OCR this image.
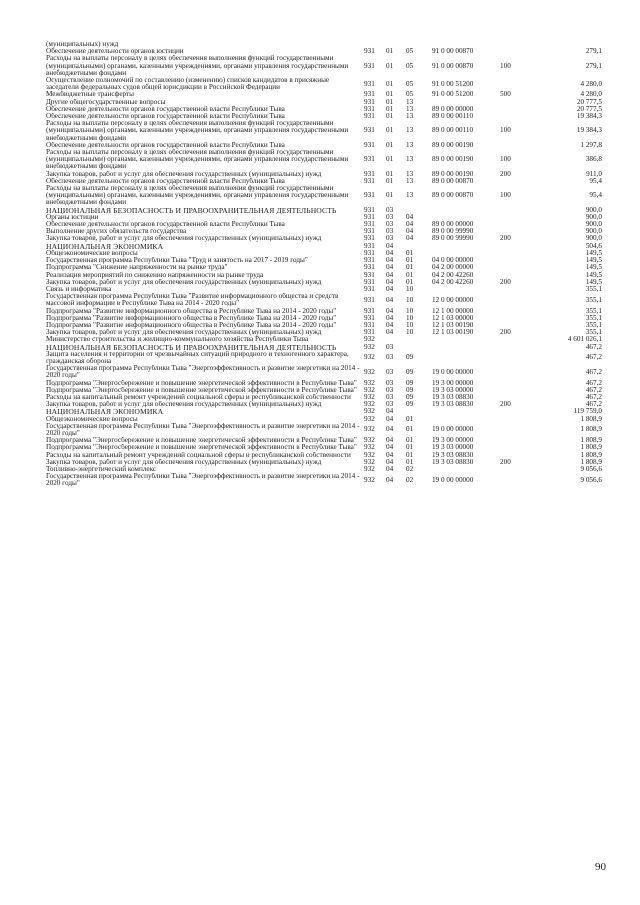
(муниципальных) нужд						
Обеспечение деятельности органов юстиции	931	01	05	91 0 00 00870		279,1
Расходы на выплаты персоналу в целях обеспечения выполнения функций государственными (муниципальными) органами, казенными учреждениями, органами управления государственными внебюджетными фондами	931	01	05	91 0 00 00870	100	279,1
Осуществление полномочий по составлению (изменению) списков кандидатов в присяжные заседатели федеральных судов общей юрисдикции в Российской Федерации	931	01	05	91 0 00 51200		4 280,0
Межбюджетные трансферты	931	01	05	91 0 00 51200	500	4 280,0
Другие общегосударственные вопросы	931	01	13			20 777,5
Обеспечение деятельности органов государственной власти Республики Тыва	931	01	13	89 0 00 00000		20 777,5
Обеспечение деятельности органов государственной власти Республики Тыва	931	01	13	89 0 00 00110		19 384,3
Расходы на выплаты персоналу в целях обеспечения выполнения функций государственными (муниципальными) органами, казенными учреждениями, органами управления государственными внебюджетными фондами	931	01	13	89 0 00 00110	100	19 384,3
Обеспечение деятельности органов государственной власти Республики Тыва	931	01	13	89 0 00 00190		1 297,8
Расходы на выплаты персоналу в целях обеспечения выполнения функций государственными (муниципальными) органами, казенными учреждениями, органами управления государственными внебюджетными фондами	931	01	13	89 0 00 00190	100	386,8
Закупка товаров, работ и услуг для обеспечения государственных (муниципальных) нужд	931	01	13	89 0 00 00190	200	911,0
Обеспечение деятельности органов государственной власти Республики Тыва	931	01	13	89 0 00 00870		95,4
Расходы на выплаты персоналу в целях обеспечения выполнения функций государственными (муниципальными) органами, казенными учреждениями, органами управления государственными внебюджетными фондами	931	01	13	89 0 00 00870	100	95,4
НАЦИОНАЛЬНАЯ БЕЗОПАСНОСТЬ И ПРАВООХРАНИТЕЛЬНАЯ ДЕЯТЕЛЬНОСТЬ	931	03				900,0
Органы юстиции	931	03	04			900,0
Обеспечение деятельности органов государственной власти Республики Тыва	931	03	04	89 0 00 00000		900,0
Выполнение других обязательств государства	931	03	04	89 0 00 99990		900,0
Закупка товаров, работ и услуг для обеспечения государственных (муниципальных) нужд	931	03	04	89 0 00 99990	200	900,0
НАЦИОНАЛЬНАЯ ЭКОНОМИКА	931	04				504,6
Общеэкономические вопросы	931	04	01			149,5
Государственная программа Республики Тыва "Труд и занятость на 2017 - 2019 годы"	931	04	01	04 0 00 00000		149,5
Подпрограмма "Снижение напряженности на рынке труда"	931	04	01	04 2 00 00000		149,5
Реализация мероприятий по снижению напряженности на рынке труда	931	04	01	04 2 00 42260		149,5
Закупка товаров, работ и услуг для обеспечения государственных (муниципальных) нужд	931	04	01	04 2 00 42260	200	149,5
Связь и информатика	931	04	10			355,1
Государственная программа Республики Тыва "Развитие информационного общества и средств массовой информации в Республике Тыва на 2014 - 2020 годы"	931	04	10	12 0 00 00000		355,1
Подпрограмма "Развитие информационного общества в Республике Тыва на 2014 - 2020 годы"	931	04	10	12 1 00 00000		355,1
Подпрограмма "Развитие информационного общества в Республике Тыва на 2014 - 2020 годы"	931	04	10	12 1 03 00000		355,1
Подпрограмма "Развитие информационного общества в Республике Тыва на 2014 - 2020 годы"	931	04	10	12 1 03 00190		355,1
Закупка товаров, работ и услуг для обеспечения государственных (муниципальных) нужд	931	04	10	12 1 03 00190	200	355,1
Министерство строительства и жилищно-коммунального хозяйства Республики Тыва	932					4 601 026,1
НАЦИОНАЛЬНАЯ БЕЗОПАСНОСТЬ И ПРАВООХРАНИТЕЛЬНАЯ ДЕЯТЕЛЬНОСТЬ	932	03				467,2
Защита населения и территории от чрезвычайных ситуаций природного и техногенного характера, гражданская оборона	932	03	09			467,2
Государственная программа Республики Тыва "Энергоэффективность и развитие энергетики на 2014 - 2020 годы"	932	03	09	19 0 00 00000		467,2
Подпрограмма "Энергосбережение и повышение энергетической эффективности в Республике Тыва"	932	03	09	19 3 00 00000		467,2
Подпрограмма "Энергосбережение и повышение энергетической эффективности в Республике Тыва"	932	03	09	19 3 03 00000		467,2
Расходы на капитальный ремонт учреждений социальной сферы и республиканской собственности	932	03	09	19 3 03 08830		467,2
Закупка товаров, работ и услуг для обеспечения государственных (муниципальных) нужд	932	03	09	19 3 03 08830	200	467,2
НАЦИОНАЛЬНАЯ ЭКОНОМИКА	932	04				119 759,0
Общеэкономические вопросы	932	04	01			1 808,9
Государственная программа Республики Тыва "Энергоэффективность и развитие энергетики на 2014 - 2020 годы"	932	04	01	19 0 00 00000		1 808,9
Подпрограмма "Энергосбережение и повышение энергетической эффективности в Республике Тыва"	932	04	01	19 3 00 00000		1 808,9
Подпрограмма "Энергосбережение и повышение энергетической эффективности в Республике Тыва"	932	04	01	19 3 03 00000		1 808,9
Расходы на капитальный ремонт учреждений социальной сферы и республиканской собственности	932	04	01	19 3 03 08830		1 808,9
Закупка товаров, работ и услуг для обеспечения государственных (муниципальных) нужд	932	04	01	19 3 03 08830	200	1 808,9
Топливно-энергетический комплекс	932	04	02			9 056,6
Государственная программа Республики Тыва "Энергоэффективность и развитие энергетики на 2014 - 2020 годы"	932	04	02	19 0 00 00000		9 056,6
90
